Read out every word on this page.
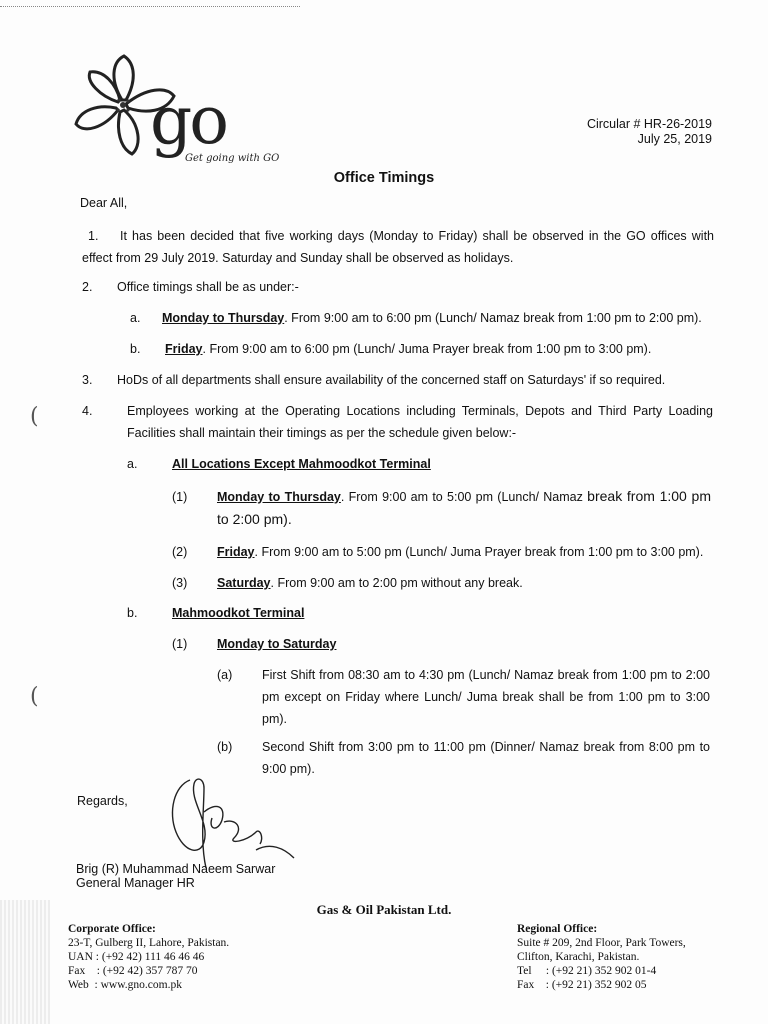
(
(
go
Get going with GO
Circular # HR-26-2019
July 25, 2019
Office Timings
Dear All,
1.	It has been decided that five working days (Monday to Friday) shall be observed in the GO offices with effect from 29 July 2019. Saturday and Sunday shall be observed as holidays.
2. Office timings shall be as under:-
a. Monday to Thursday. From 9:00 am to 6:00 pm (Lunch/ Namaz break from 1:00 pm to 2:00 pm).
b. Friday. From 9:00 am to 6:00 pm (Lunch/ Juma Prayer break from 1:00 pm to 3:00 pm).
3. HoDs of all departments shall ensure availability of the concerned staff on Saturdays' if so required.
4.	Employees working at the Operating Locations including Terminals, Depots and Third Party Loading Facilities shall maintain their timings as per the schedule given below:-
a.	All Locations Except Mahmoodkot Terminal
(1) Monday to Thursday. From 9:00 am to 5:00 pm (Lunch/ Namaz break from 1:00 pm to 2:00 pm).
(2) Friday. From 9:00 am to 5:00 pm (Lunch/ Juma Prayer break from 1:00 pm to 3:00 pm).
(3) Saturday. From 9:00 am to 2:00 pm without any break.
b.	Mahmoodkot Terminal
(1) Monday to Saturday
(a) First Shift from 08:30 am to 4:30 pm (Lunch/ Namaz break from 1:00 pm to 2:00 pm except on Friday where Lunch/ Juma break shall be from 1:00 pm to 3:00 pm).
(b) Second Shift from 3:00 pm to 11:00 pm (Dinner/ Namaz break from 8:00 pm to 9:00 pm).
Regards,
Brig (R) Muhammad Naeem Sarwar
General Manager HR
Gas & Oil Pakistan Ltd.
Corporate Office:
23-T, Gulberg II, Lahore, Pakistan.
UAN : (+92 42) 111 46 46 46
Fax    : (+92 42) 357 787 70
Web  : www.gno.com.pk
Regional Office:
Suite # 209, 2nd Floor, Park Towers,
Clifton, Karachi, Pakistan.
Tel     : (+92 21) 352 902 01-4
Fax    : (+92 21) 352 902 05
